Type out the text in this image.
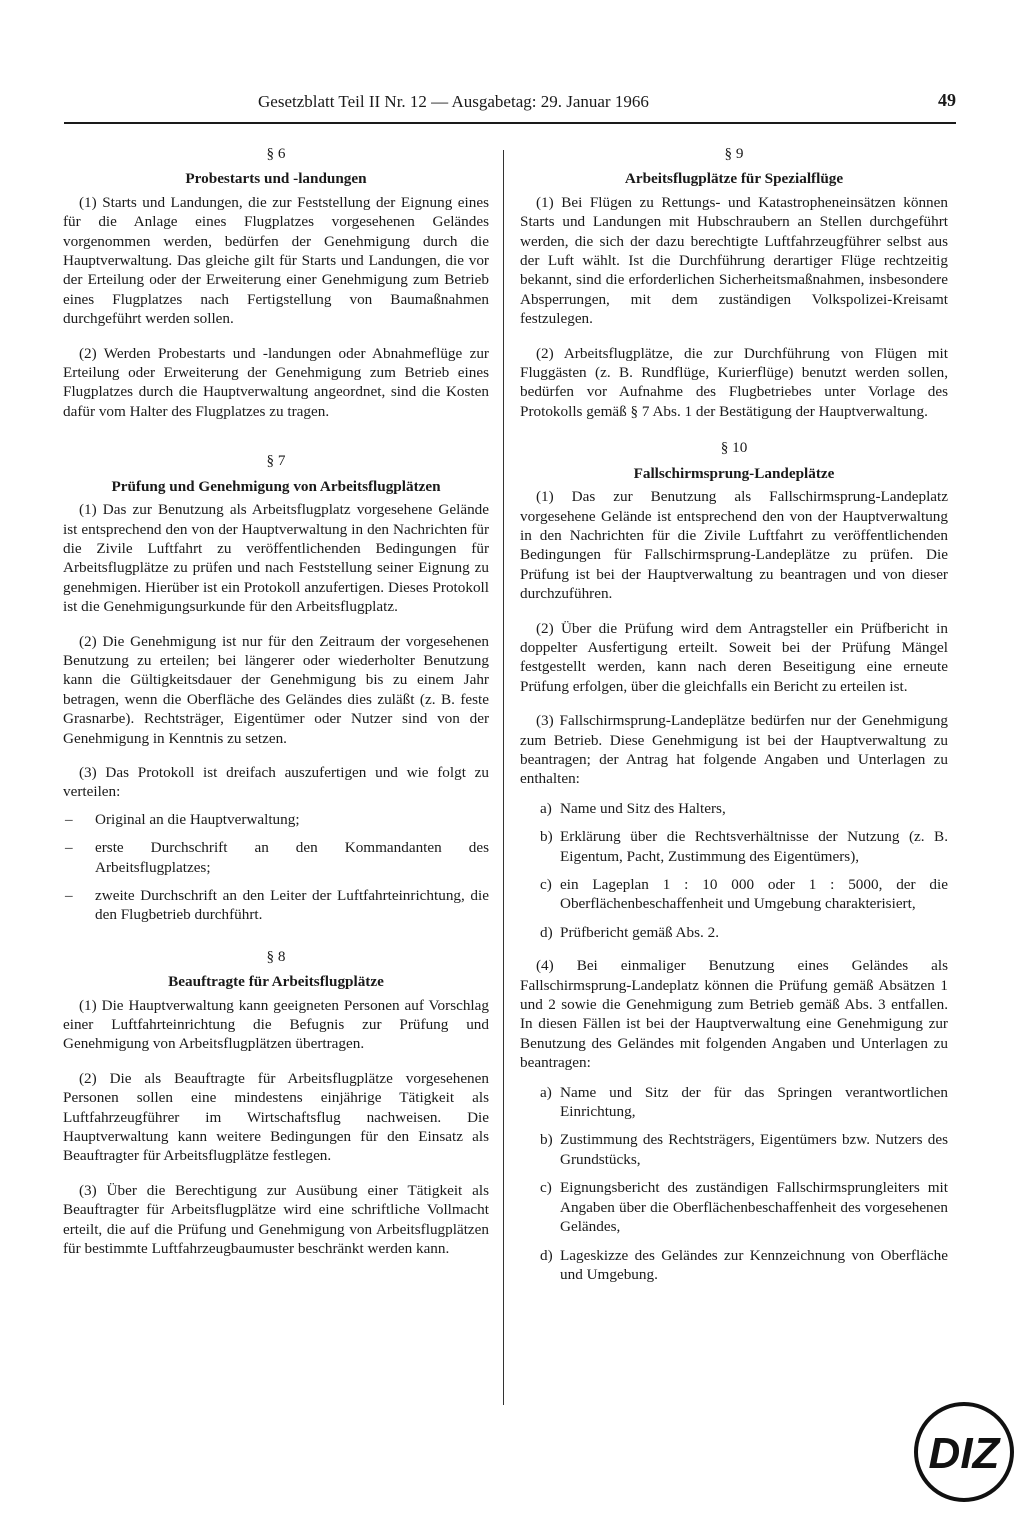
Gesetzblatt Teil II Nr. 12 — Ausgabetag: 29. Januar 1966	49
§ 6
Probestarts und -landungen

(1) Starts und Landungen, die zur Feststellung der Eignung eines für die Anlage eines Flugplatzes vorgesehenen Geländes vorgenommen werden, bedürfen der Genehmigung durch die Hauptverwaltung. Das gleiche gilt für Starts und Landungen, die vor der Erteilung oder der Erweiterung einer Genehmigung zum Betrieb eines Flugplatzes nach Fertigstellung von Baumaßnahmen durchgeführt werden sollen.

(2) Werden Probestarts und -landungen oder Abnahmeflüge zur Erteilung oder Erweiterung der Genehmigung zum Betrieb eines Flugplatzes durch die Hauptverwaltung angeordnet, sind die Kosten dafür vom Halter des Flugplatzes zu tragen.

§ 7
Prüfung und Genehmigung von Arbeitsflugplätzen

(1) Das zur Benutzung als Arbeitsflugplatz vorgesehene Gelände ist entsprechend den von der Hauptverwaltung in den Nachrichten für die Zivile Luftfahrt zu veröffentlichenden Bedingungen für Arbeitsflugplätze zu prüfen und nach Feststellung seiner Eignung zu genehmigen. Hierüber ist ein Protokoll anzufertigen. Dieses Protokoll ist die Genehmigungsurkunde für den Arbeitsflugplatz.

(2) Die Genehmigung ist nur für den Zeitraum der vorgesehenen Benutzung zu erteilen; bei längerer oder wiederholter Benutzung kann die Gültigkeitsdauer der Genehmigung bis zu einem Jahr betragen, wenn die Oberfläche des Geländes dies zuläßt (z. B. feste Grasnarbe). Rechtsträger, Eigentümer oder Nutzer sind von der Genehmigung in Kenntnis zu setzen.

(3) Das Protokoll ist dreifach auszufertigen und wie folgt zu verteilen:

– Original an die Hauptverwaltung;
– erste Durchschrift an den Kommandanten des Arbeitsflugplatzes;
– zweite Durchschrift an den Leiter der Luftfahrteinrichtung, die den Flugbetrieb durchführt.
§ 8
Beauftragte für Arbeitsflugplätze

(1) Die Hauptverwaltung kann geeigneten Personen auf Vorschlag einer Luftfahrteinrichtung die Befugnis zur Prüfung und Genehmigung von Arbeitsflugplätzen übertragen.

(2) Die als Beauftragte für Arbeitsflugplätze vorgesehenen Personen sollen eine mindestens einjährige Tätigkeit als Luftfahrzeugführer im Wirtschaftsflug nachweisen. Die Hauptverwaltung kann weitere Bedingungen für den Einsatz als Beauftragter für Arbeitsflugplätze festlegen.

(3) Über die Berechtigung zur Ausübung einer Tätigkeit als Beauftragter für Arbeitsflugplätze wird eine schriftliche Vollmacht erteilt, die auf die Prüfung und Genehmigung von Arbeitsflugplätzen für bestimmte Luftfahrzeugbaumuster beschränkt werden kann.

§ 9
Arbeitsflugplätze für Spezialflüge

(1) Bei Flügen zu Rettungs- und Katastropheneinsätzen können Starts und Landungen mit Hubschraubern an Stellen durchgeführt werden, die sich der dazu berechtigte Luftfahrzeugführer selbst aus der Luft wählt. Ist die Durchführung derartiger Flüge rechtzeitig bekannt, sind die erforderlichen Sicherheitsmaßnahmen, insbesondere Absperrungen, mit dem zuständigen Volkspolizei-Kreisamt festzulegen.

(2) Arbeitsflugplätze, die zur Durchführung von Flügen mit Fluggästen (z. B. Rundflüge, Kurierflüge) benutzt werden sollen, bedürfen vor Aufnahme des Flugbetriebes unter Vorlage des Protokolls gemäß § 7 Abs. 1 der Bestätigung der Hauptverwaltung.

§ 10
Fallschirmsprung-Landeplätze

(1) Das zur Benutzung als Fallschirmsprung-Landeplatz vorgesehene Gelände ist entsprechend den von der Hauptverwaltung in den Nachrichten für die Zivile Luftfahrt zu veröffentlichenden Bedingungen für Fallschirmsprung-Landeplätze zu prüfen. Die Prüfung ist bei der Hauptverwaltung zu beantragen und von dieser durchzuführen.

(2) Über die Prüfung wird dem Antragsteller ein Prüfbericht in doppelter Ausfertigung erteilt. Soweit bei der Prüfung Mängel festgestellt werden, kann nach deren Beseitigung eine erneute Prüfung erfolgen, über die gleichfalls ein Bericht zu erteilen ist.

(3) Fallschirmsprung-Landeplätze bedürfen nur der Genehmigung zum Betrieb. Diese Genehmigung ist bei der Hauptverwaltung zu beantragen; der Antrag hat folgende Angaben und Unterlagen zu enthalten:

a) Name und Sitz des Halters,
b) Erklärung über die Rechtsverhältnisse der Nutzung (z. B. Eigentum, Pacht, Zustimmung des Eigentümers),
c) ein Lageplan 1 : 10 000 oder 1 : 5000, der die Oberflächenbeschaffenheit und Umgebung charakterisiert,
d) Prüfbericht gemäß Abs. 2.

(4) Bei einmaliger Benutzung eines Geländes als Fallschirmsprung-Landeplatz können die Prüfung gemäß Absätzen 1 und 2 sowie die Genehmigung zum Betrieb gemäß Abs. 3 entfallen. In diesen Fällen ist bei der Hauptverwaltung eine Genehmigung zur Benutzung des Geländes mit folgenden Angaben und Unterlagen zu beantragen:

a) Name und Sitz der für das Springen verantwortlichen Einrichtung,
b) Zustimmung des Rechtsträgers, Eigentümers bzw. Nutzers des Grundstücks,
c) Eignungsbericht des zuständigen Fallschirmsprungleiters mit Angaben über die Oberflächenbeschaffenheit des vorgesehenen Geländes,
d) Lageskizze des Geländes zur Kennzeichnung von Oberfläche und Umgebung.
DIZ
